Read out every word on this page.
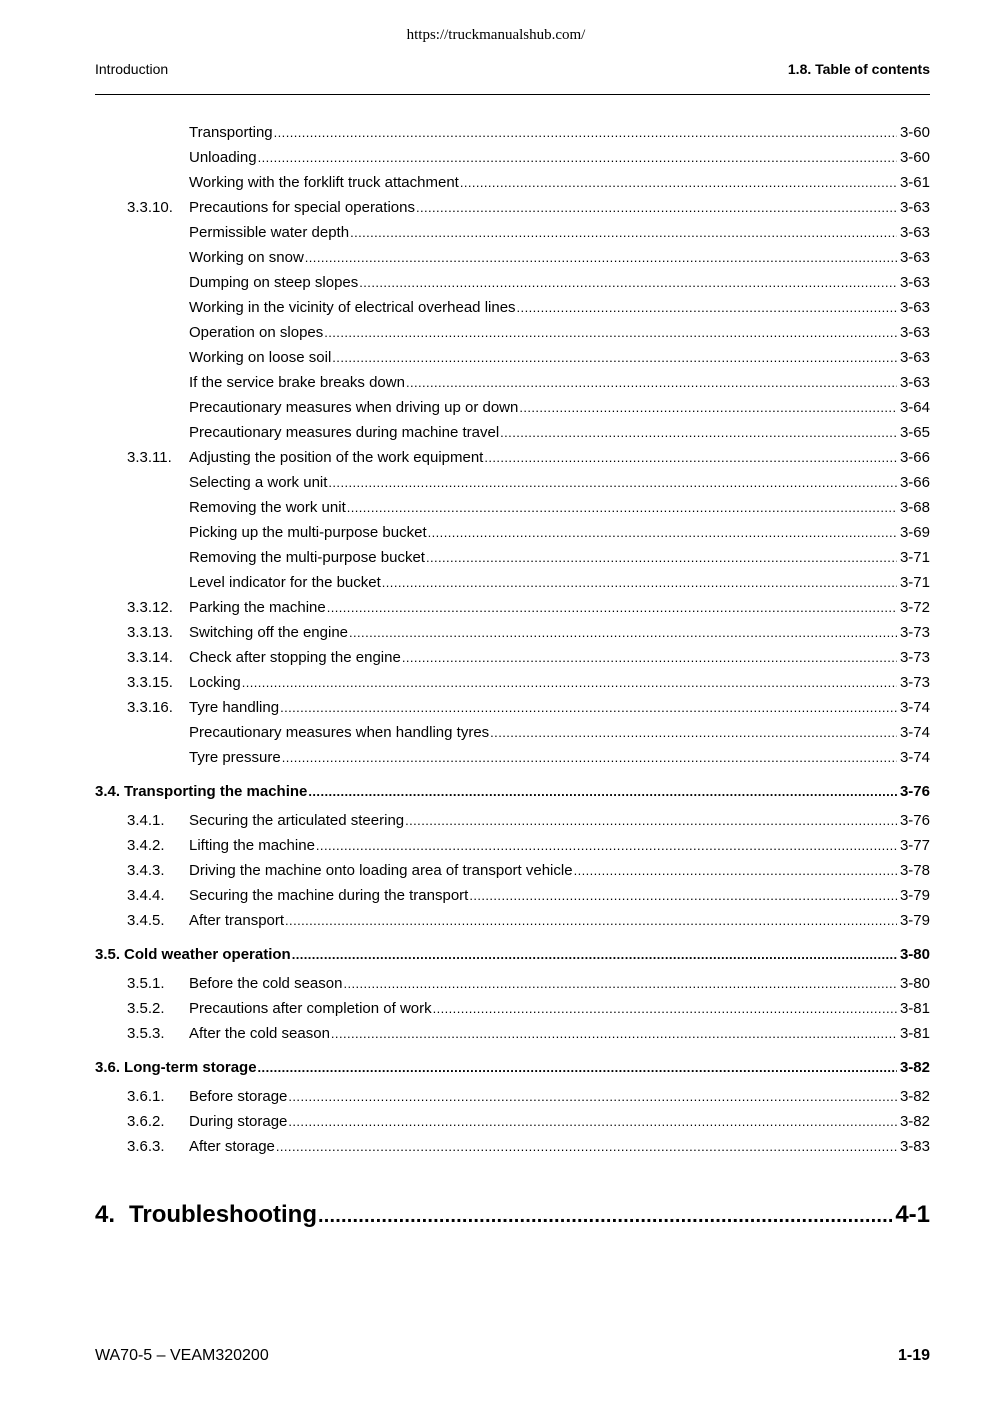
https://truckmanualshub.com/
Introduction	1.8. Table of contents
Transporting .....	3-60
Unloading .....	3-60
Working with the forklift truck attachment .....	3-61
3.3.10.	Precautions for special operations .....	3-63
Permissible water depth .....	3-63
Working on snow .....	3-63
Dumping on steep slopes .....	3-63
Working in the vicinity of electrical overhead lines .....	3-63
Operation on slopes .....	3-63
Working on loose soil .....	3-63
If the service brake breaks down .....	3-63
Precautionary measures when driving up or down .....	3-64
Precautionary measures during machine travel .....	3-65
3.3.11.	Adjusting the position of the work equipment .....	3-66
Selecting a work unit .....	3-66
Removing the work unit .....	3-68
Picking up the multi-purpose bucket .....	3-69
Removing the multi-purpose bucket .....	3-71
Level indicator for the bucket .....	3-71
3.3.12.	Parking the machine .....	3-72
3.3.13.	Switching off the engine .....	3-73
3.3.14.	Check after stopping the engine .....	3-73
3.3.15.	Locking .....	3-73
3.3.16.	Tyre handling .....	3-74
Precautionary measures when handling tyres .....	3-74
Tyre pressure .....	3-74
3.4. Transporting the machine .....	3-76
3.4.1.	Securing the articulated steering .....	3-76
3.4.2.	Lifting the machine .....	3-77
3.4.3.	Driving the machine onto loading area of transport vehicle .....	3-78
3.4.4.	Securing the machine during the transport .....	3-79
3.4.5.	After transport .....	3-79
3.5. Cold weather operation .....	3-80
3.5.1.	Before the cold season .....	3-80
3.5.2.	Precautions after completion of work .....	3-81
3.5.3.	After the cold season .....	3-81
3.6. Long-term storage .....	3-82
3.6.1.	Before storage .....	3-82
3.6.2.	During storage .....	3-82
3.6.3.	After storage .....	3-83
4. Troubleshooting .....	4-1
WA70-5 – VEAM320200	1-19
